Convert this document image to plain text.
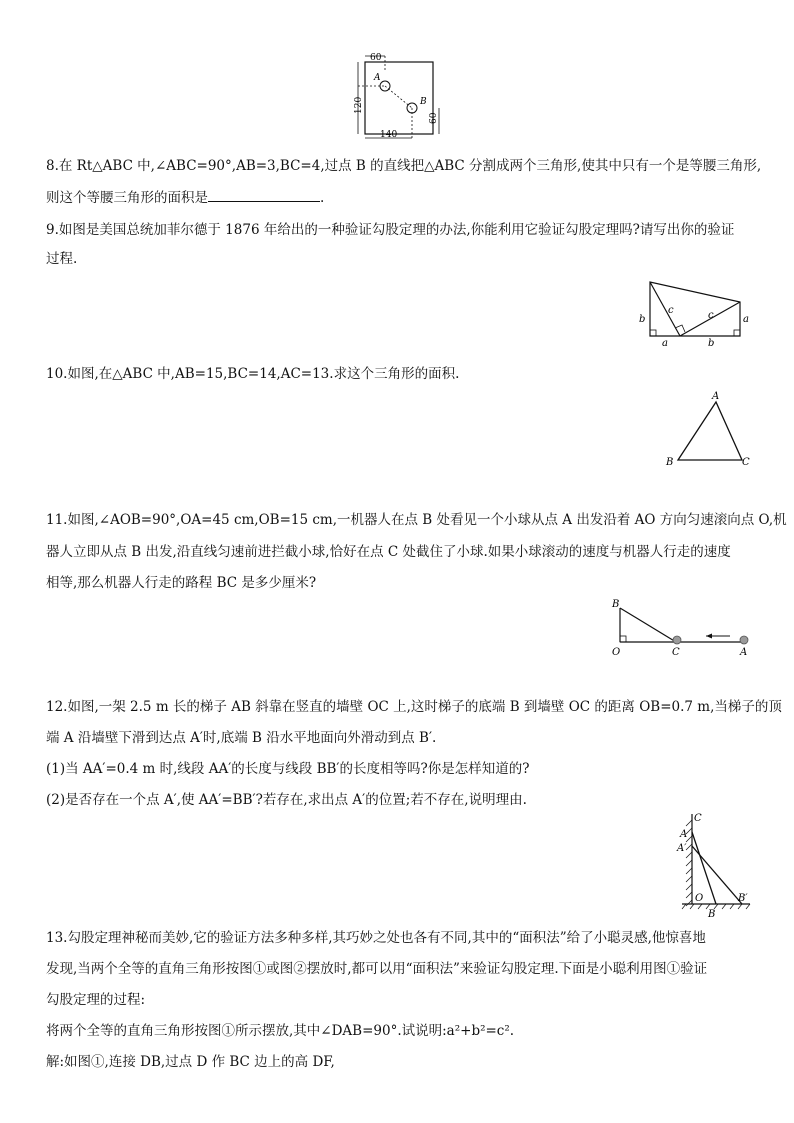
60
120
140
60
A
B
8.在 Rt△ABC 中,∠ABC=90°,AB=3,BC=4,过点 B 的直线把△ABC 分割成两个三角形,使其中只有一个是等腰三角形,
则这个等腰三角形的面积是	.
9.如图是美国总统加菲尔德于 1876 年给出的一种验证勾股定理的办法,你能利用它验证勾股定理吗?请写出你的验证
过程.
b
c	c	a
a	b
10.如图,在△ABC 中,AB=15,BC=14,AC=13.求这个三角形的面积.
A
B	C
11.如图,∠AOB=90°,OA=45 cm,OB=15 cm,一机器人在点 B 处看见一个小球从点 A 出发沿着 AO 方向匀速滚向点 O,机
器人立即从点 B 出发,沿直线匀速前进拦截小球,恰好在点 C 处截住了小球.如果小球滚动的速度与机器人行走的速度
相等,那么机器人行走的路程 BC 是多少厘米?
B
O	C	A
12.如图,一架 2.5 m 长的梯子 AB 斜靠在竖直的墙壁 OC 上,这时梯子的底端 B 到墙壁 OC 的距离 OB=0.7 m,当梯子的顶
端 A 沿墙壁下滑到达点 A′时,底端 B 沿水平地面向外滑动到点 B′.
(1)当 AA′=0.4 m 时,线段 AA′的长度与线段 BB′的长度相等吗?你是怎样知道的?
(2)是否存在一个点 A′,使 AA′=BB′?若存在,求出点 A′的位置;若不存在,说明理由.
C
A
A′
O
B
B′
13.勾股定理神秘而美妙,它的验证方法多种多样,其巧妙之处也各有不同,其中的“面积法”给了小聪灵感,他惊喜地
发现,当两个全等的直角三角形按图①或图②摆放时,都可以用“面积法”来验证勾股定理.下面是小聪利用图①验证
勾股定理的过程:
将两个全等的直角三角形按图①所示摆放,其中∠DAB=90°.试说明:a²+b²=c².
解:如图①,连接 DB,过点 D 作 BC 边上的高 DF,
